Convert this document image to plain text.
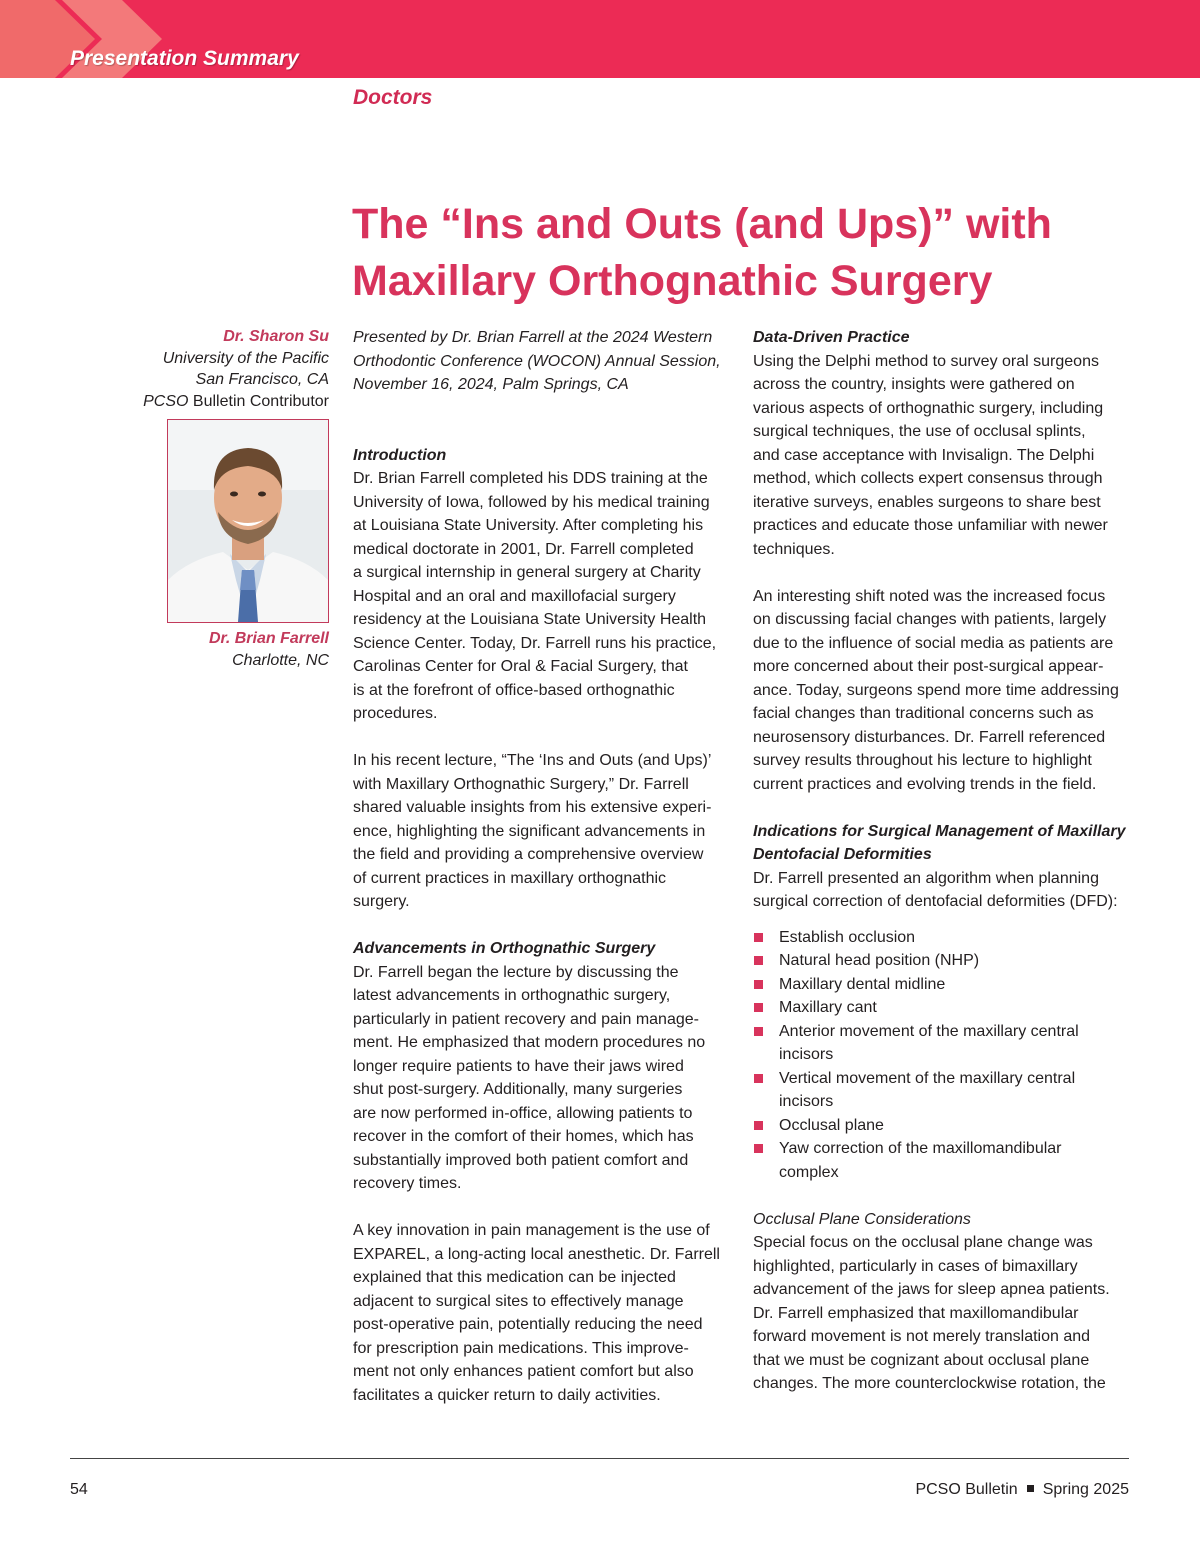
Presentation Summary
Doctors
The “Ins and Outs (and Ups)” with
Maxillary Orthognathic Surgery
Dr. Sharon Su
University of the Pacific
San Francisco, CA
PCSO Bulletin Contributor
Dr. Brian Farrell
Charlotte, NC

Presented by Dr. Brian Farrell at the 2024 Western

Orthodontic Conference (WOCON) Annual Session,

November 16, 2024, Palm Springs, CA

Introduction

Dr. Brian Farrell completed his DDS training at the

University of Iowa, followed by his medical training

at Louisiana State University. After completing his

medical doctorate in 2001, Dr. Farrell completed

a surgical internship in general surgery at Charity

Hospital and an oral and maxillofacial surgery

residency at the Louisiana State University Health

Science Center. Today, Dr. Farrell runs his practice,

Carolinas Center for Oral & Facial Surgery, that

is at the forefront of office-based orthognathic

procedures.

In his recent lecture, “The ‘Ins and Outs (and Ups)’

with Maxillary Orthognathic Surgery,” Dr. Farrell

shared valuable insights from his extensive experi-

ence, highlighting the significant advancements in

the field and providing a comprehensive overview

of current practices in maxillary orthognathic

surgery.

Advancements in Orthognathic Surgery

Dr. Farrell began the lecture by discussing the

latest advancements in orthognathic surgery,

particularly in patient recovery and pain manage-

ment. He emphasized that modern procedures no

longer require patients to have their jaws wired

shut post-surgery. Additionally, many surgeries

are now performed in-office, allowing patients to

recover in the comfort of their homes, which has

substantially improved both patient comfort and

recovery times.

A key innovation in pain management is the use of

EXPAREL, a long-acting local anesthetic. Dr. Farrell

explained that this medication can be injected

adjacent to surgical sites to effectively manage

post-operative pain, potentially reducing the need

for prescription pain medications. This improve-

ment not only enhances patient comfort but also

facilitates a quicker return to daily activities.

Data-Driven Practice

Using the Delphi method to survey oral surgeons

across the country, insights were gathered on

various aspects of orthognathic surgery, including

surgical techniques, the use of occlusal splints,

and case acceptance with Invisalign. The Delphi

method, which collects expert consensus through

iterative surveys, enables surgeons to share best

practices and educate those unfamiliar with newer

techniques.

An interesting shift noted was the increased focus

on discussing facial changes with patients, largely

due to the influence of social media as patients are

more concerned about their post-surgical appear-

ance. Today, surgeons spend more time addressing

facial changes than traditional concerns such as

neurosensory disturbances. Dr. Farrell referenced

survey results throughout his lecture to highlight

current practices and evolving trends in the field.

Indications for Surgical Management of Maxillary

Dentofacial Deformities

Dr. Farrell presented an algorithm when planning

surgical correction of dentofacial deformities (DFD):

Establish occlusion
Natural head position (NHP)
Maxillary dental midline
Maxillary cant
Anterior movement of the maxillary central
incisors
Vertical movement of the maxillary central
incisors
Occlusal plane
Yaw correction of the maxillomandibular
complex

Occlusal Plane Considerations

Special focus on the occlusal plane change was

highlighted, particularly in cases of bimaxillary

advancement of the jaws for sleep apnea patients.

Dr. Farrell emphasized that maxillomandibular

forward movement is not merely translation and

that we must be cognizant about occlusal plane

changes. The more counterclockwise rotation, the

54	PCSO Bulletin Spring 2025
